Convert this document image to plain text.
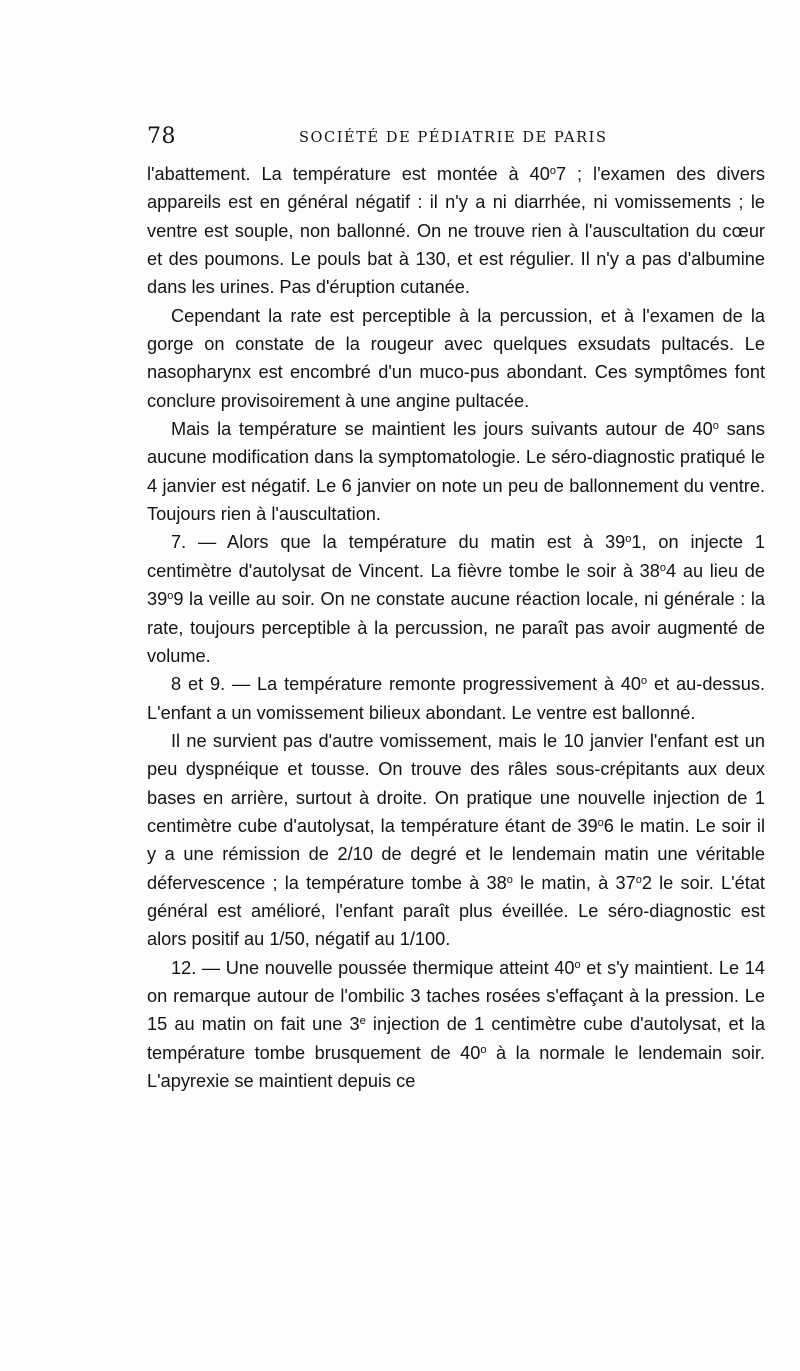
78	SOCIÉTÉ DE PÉDIATRIE DE PARIS

l'abattement. La température est montée à 40$^o$7 ; l'examen des divers appareils est en général négatif : il n'y a ni diarrhée, ni vomissements ; le ventre est souple, non ballonné. On ne trouve rien à l'auscultation du cœur et des poumons. Le pouls bat à 130, et est régulier. Il n'y a pas d'albumine dans les urines. Pas d'éruption cutanée.

Cependant la rate est perceptible à la percussion, et à l'examen de la gorge on constate de la rougeur avec quelques exsudats pultacés. Le nasopharynx est encombré d'un muco-pus abondant. Ces symptômes font conclure provisoirement à une angine pultacée.

Mais la température se maintient les jours suivants autour de 40$^o$ sans aucune modification dans la symptomatologie. Le séro-diagnostic pratiqué le 4 janvier est négatif. Le 6 janvier on note un peu de ballonnement du ventre. Toujours rien à l'auscultation.

7. — Alors que la température du matin est à 39$^o$1, on injecte 1 centimètre d'autolysat de Vincent. La fièvre tombe le soir à 38$^o$4 au lieu de 39$^o$9 la veille au soir. On ne constate aucune réaction locale, ni générale : la rate, toujours perceptible à la percussion, ne paraît pas avoir augmenté de volume.

8 et 9. — La température remonte progressivement à 40$^o$ et au-dessus. L'enfant a un vomissement bilieux abondant. Le ventre est ballonné.

Il ne survient pas d'autre vomissement, mais le 10 janvier l'enfant est un peu dyspnéique et tousse. On trouve des râles sous-crépitants aux deux bases en arrière, surtout à droite. On pratique une nouvelle injection de 1 centimètre cube d'autolysat, la température étant de 39$^o$6 le matin. Le soir il y a une rémission de 2/10 de degré et le lendemain matin une véritable défervescence ; la température tombe à 38$^o$ le matin, à 37$^o$2 le soir. L'état général est amélioré, l'enfant paraît plus éveillée. Le séro-diagnostic est alors positif au 1/50, négatif au 1/100.

12. — Une nouvelle poussée thermique atteint 40$^o$ et s'y maintient. Le 14 on remarque autour de l'ombilic 3 taches rosées s'effaçant à la pression. Le 15 au matin on fait une 3e injection de 1 centimètre cube d'autolysat, et la température tombe brusquement de 40$^o$ à la normale le lendemain soir. L'apyrexie se maintient depuis ce
